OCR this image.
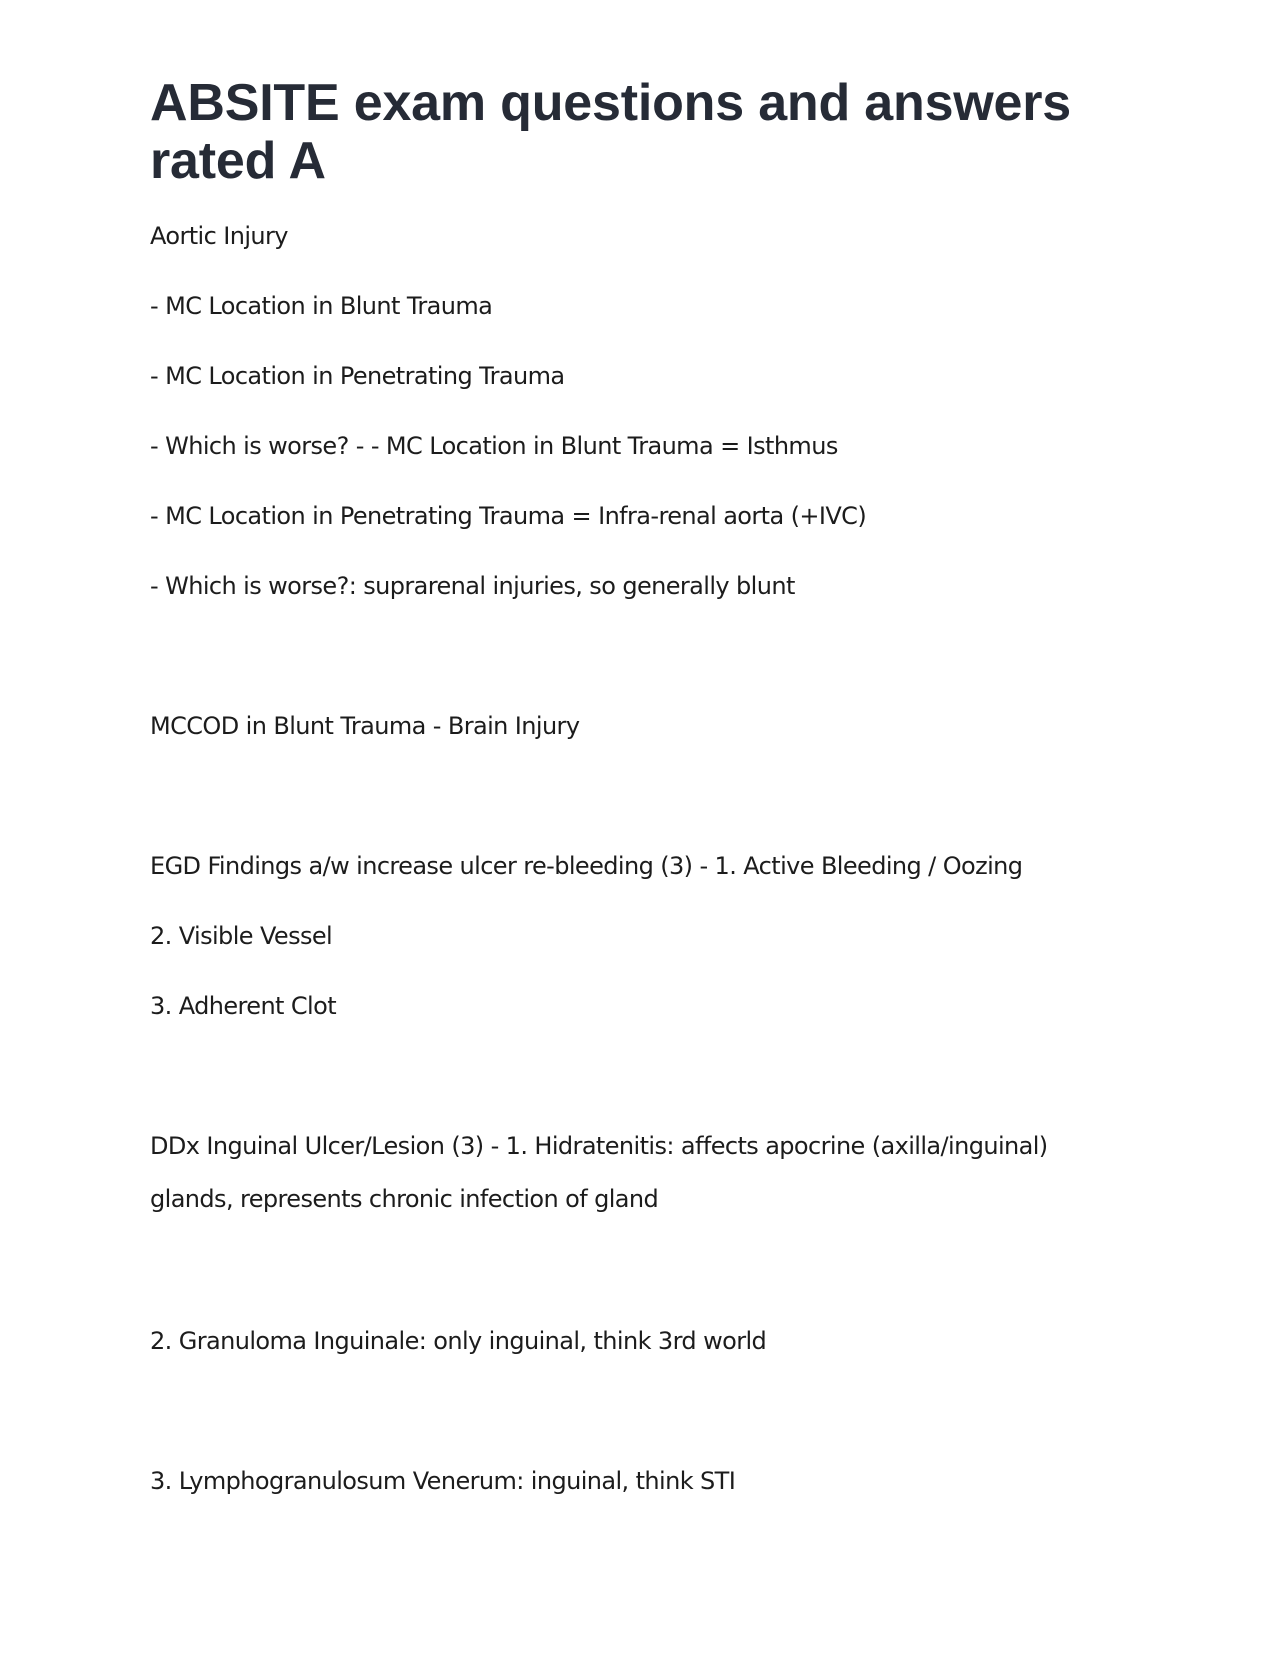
ABSITE exam questions and answers rated A

Aortic Injury

- MC Location in Blunt Trauma

- MC Location in Penetrating Trauma

- Which is worse? - - MC Location in Blunt Trauma = Isthmus

- MC Location in Penetrating Trauma = Infra-renal aorta (+IVC)

- Which is worse?: suprarenal injuries, so generally blunt

MCCOD in Blunt Trauma - Brain Injury

EGD Findings a/w increase ulcer re-bleeding (3) - 1. Active Bleeding / Oozing

2. Visible Vessel

3. Adherent Clot

DDx Inguinal Ulcer/Lesion (3) - 1. Hidratenitis: affects apocrine (axilla/inguinal) glands, represents chronic infection of gland

2. Granuloma Inguinale: only inguinal, think 3rd world

3. Lymphogranulosum Venerum: inguinal, think STI
